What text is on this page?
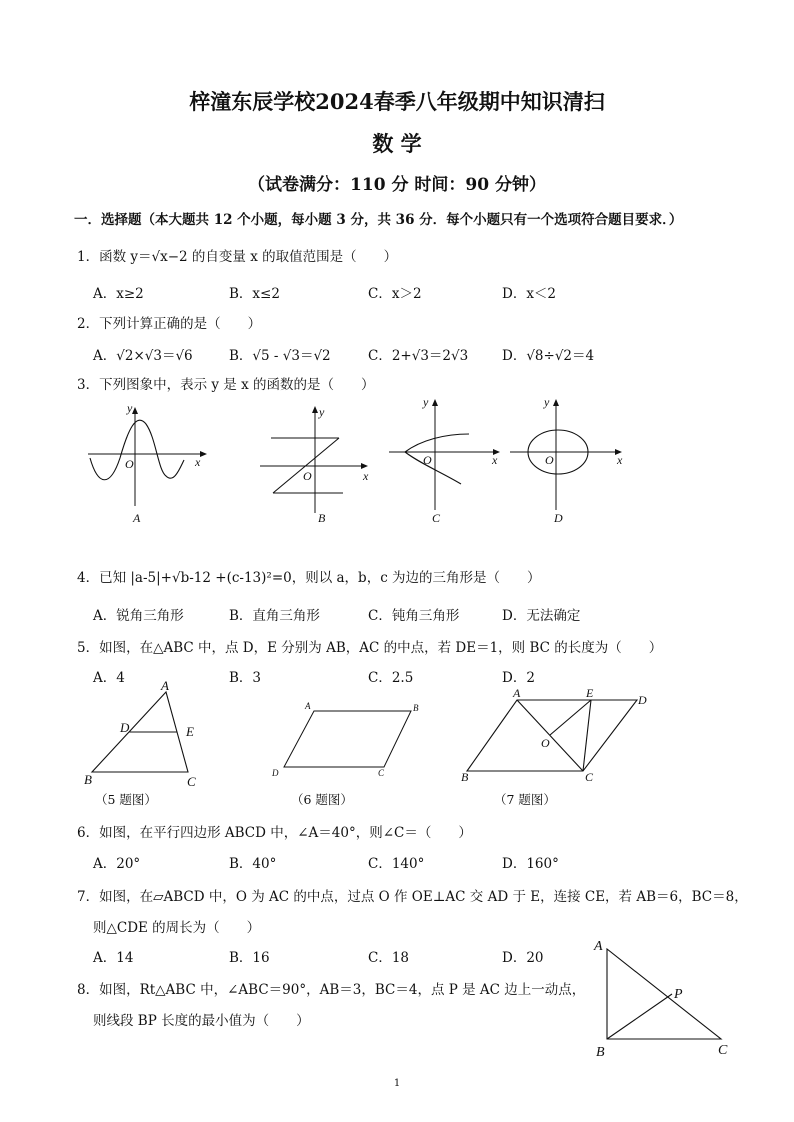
梓潼东辰学校2024春季八年级期中知识清扫
数 学
（试卷满分：110 分 时间：90 分钟）
一．选择题（本大题共 12 个小题，每小题 3 分，共 36 分．每个小题只有一个选项符合题目要求．）
1．函数 y＝√x−2 的自变量 x 的取值范围是（　　）
A．x≥2	B．x≤2	C．x＞2	D．x＜2
2．下列计算正确的是（　　）
A．√2×√3＝√6	B．√5 - √3＝√2	C．2+√3＝2√3	D．√8÷√2＝4
3．下列图象中，表示 y 是 x 的函数的是（　　）
y
x
O
A
y
x
O
B
y
x
O
C
y
x
O
D
4．已知 |a-5|+√b-12 +(c-13)²=0，则以 a，b，c 为边的三角形是（　　）
A．锐角三角形	B．直角三角形	C．钝角三角形	D．无法确定
5．如图，在△ABC 中，点 D，E 分别为 AB，AC 的中点，若 DE＝1，则 BC 的长度为（　　）
A．4	B．3	C．2.5	D．2
A
D	E
B	C
（5 题图）
A	B
D	C
（6 题图）
A	E	D
O
B	C
（7 题图）
6．如图，在平行四边形 ABCD 中，∠A＝40°，则∠C＝（　　）
A．20°	B．40°	C．140°	D．160°
7．如图，在▱ABCD 中，O 为 AC 的中点，过点 O 作 OE⊥AC 交 AD 于 E，连接 CE，若 AB＝6，BC＝8，
则△CDE 的周长为（　　）
A．14	B．16	C．18	D．20
8．如图，Rt△ABC 中，∠ABC＝90°，AB＝3，BC＝4，点 P 是 AC 边上一动点，
则线段 BP 长度的最小值为（　　）
A
P
B	C
1
